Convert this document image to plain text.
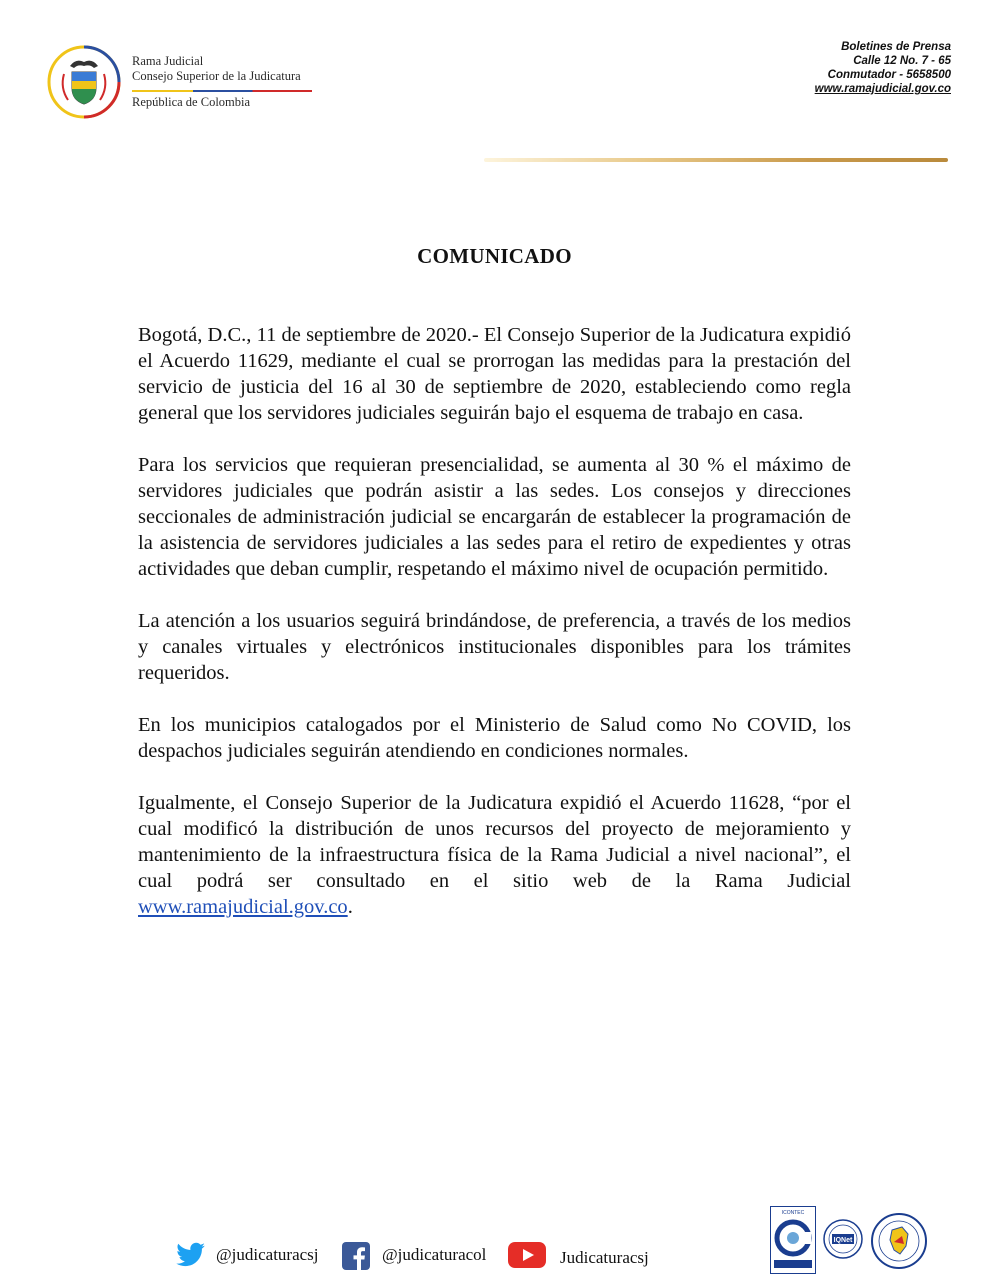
Rama Judicial
Consejo Superior de la Judicatura
República de Colombia
Boletines de Prensa
Calle 12 No. 7 - 65
Conmutador - 5658500
www.ramajudicial.gov.co
COMUNICADO

Bogotá, D.C., 11 de septiembre de 2020.- El Consejo Superior de la Judicatura expidió el Acuerdo 11629, mediante el cual se prorrogan las medidas para la prestación del servicio de justicia del 16 al 30 de septiembre de 2020, estableciendo como regla general que los servidores judiciales seguirán bajo el esquema de trabajo en casa.

Para los servicios que requieran presencialidad, se aumenta al 30 % el máximo de servidores judiciales que podrán asistir a las sedes. Los consejos y direcciones seccionales de administración judicial se encargarán de establecer la programación de la asistencia de servidores judiciales a las sedes para el retiro de expedientes y otras actividades que deban cumplir, respetando el máximo nivel de ocupación permitido.

La atención a los usuarios seguirá brindándose, de preferencia, a través de los medios y canales virtuales y electrónicos institucionales disponibles para los trámites requeridos.

En los municipios catalogados por el Ministerio de Salud como No COVID, los despachos judiciales seguirán atendiendo en condiciones normales.

Igualmente, el Consejo Superior de la Judicatura expidió el Acuerdo 11628, “por el cual modificó la distribución de unos recursos del proyecto de mejoramiento y mantenimiento de la infraestructura física de la Rama Judicial a nivel nacional”, el cual podrá ser consultado en el sitio web de la Rama Judicial www.ramajudicial.gov.co.

@judicaturacsj	@judicaturacol	Judicaturacsj
ICONTEC
IQNet
